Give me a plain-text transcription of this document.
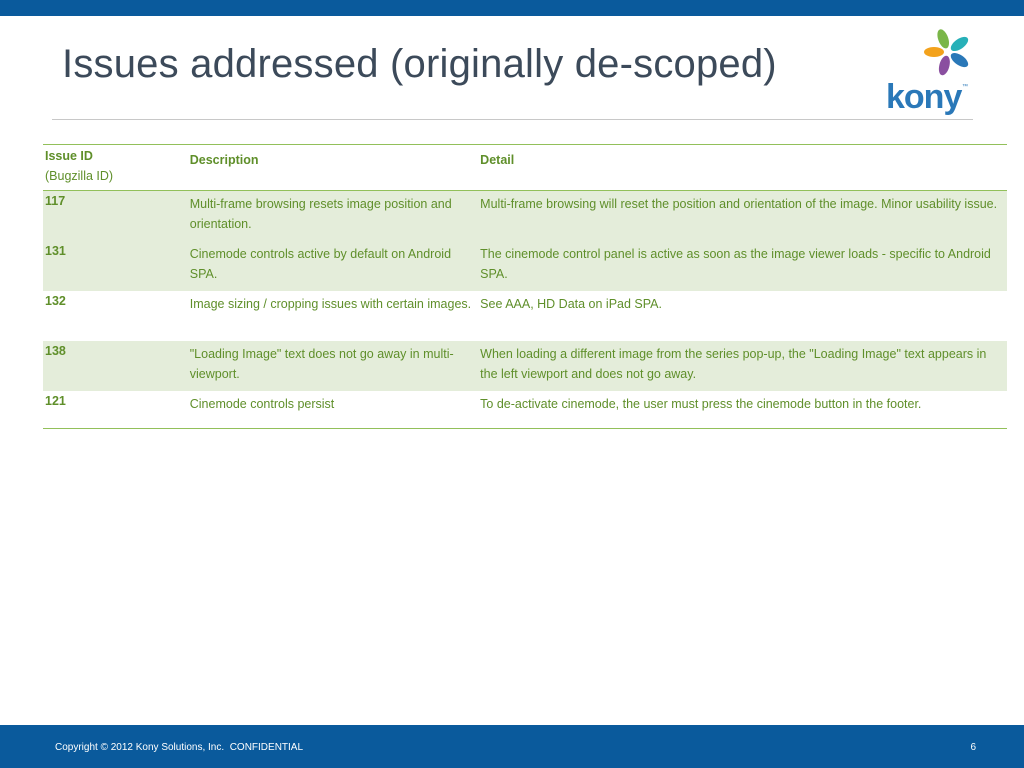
Issues addressed (originally de-scoped)
kony ™
Issue ID
(Bugzilla ID)	Description	Detail
117	Multi-frame browsing resets image position and orientation.	Multi-frame browsing will reset the position and orientation of the image. Minor usability issue.
131	Cinemode controls active by default on Android SPA.	The cinemode control panel is active as soon as the image viewer loads - specific to Android SPA.
132	Image sizing / cropping issues with certain images.	See AAA, HD Data on iPad SPA.
138	"Loading Image" text does not go away in multi-viewport.	When loading a different image from the series pop-up, the "Loading Image" text appears in the left viewport and does not go away.
121	Cinemode controls persist	To de-activate cinemode, the user must press the cinemode button in the footer.
Copyright © 2012 Kony Solutions, Inc.  CONFIDENTIAL	6
